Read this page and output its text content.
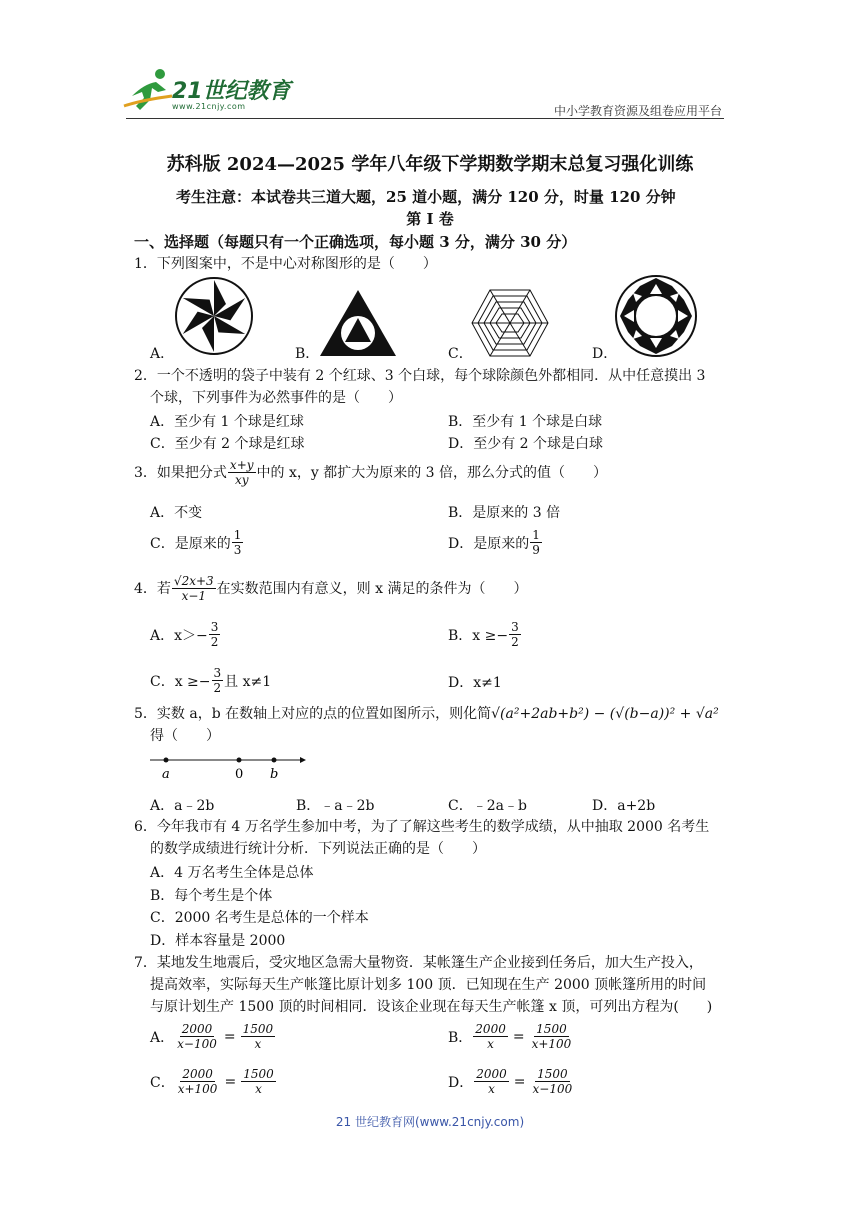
21世纪教育
www.21cnjy.com	中小学教育资源及组卷应用平台
苏科版 2024—2025 学年八年级下学期数学期末总复习强化训练
考生注意：本试卷共三道大题，25 道小题，满分 120 分，时量 120 分钟
第 I 卷
一、选择题（每题只有一个正确选项，每小题 3 分，满分 30 分）
1．下列图案中，不是中心对称图形的是（　　）
A．	B．	C．	D．
2．一个不透明的袋子中装有 2 个红球、3 个白球，每个球除颜色外都相同．从中任意摸出 3
个球，下列事件为必然事件的是（　　）
A．至少有 1 个球是红球	B．至少有 1 个球是白球
C．至少有 2 个球是红球	D．至少有 2 个球是白球
3．如果把分式 $\frac{x+y}{xy}$ 中的 x，y 都扩大为原来的 3 倍，那么分式的值（　　）
A．不变	B．是原来的 3 倍
C．是原来的 $\frac{1}{3}$	D．是原来的 $\frac{1}{9}$
4．若 $\frac{√2x+3}{x-1}$ 在实数范围内有意义，则 x 满足的条件为（　　）
A．$x>- \frac{3}{2}$	B．$x \ge- \frac{3}{2}$
C．$x \ge- \frac{3}{2}$ 且 x≠1	D．x≠1
5．实数 a，b 在数轴上对应的点的位置如图所示，则化简√(a²+2ab+b²) − (√(b−a))² + √a²
得（　　）
a	0 b
A．a﹣2b	B．﹣a﹣2b	C．﹣2a﹣b	D．a+2b
6．今年我市有 4 万名学生参加中考，为了了解这些考生的数学成绩，从中抽取 2000 名考生
的数学成绩进行统计分析．下列说法正确的是（　　）
A．4 万名考生全体是总体
B．每个考生是个体
C．2000 名考生是总体的一个样本
D．样本容量是 2000
7．某地发生地震后，受灾地区急需大量物资．某帐篷生产企业接到任务后，加大生产投入，
提高效率，实际每天生产帐篷比原计划多 100 顶．已知现在生产 2000 顶帐篷所用的时间
与原计划生产 1500 顶的时间相同．设该企业现在每天生产帐篷 x 顶，可列出方程为(　　)
A． $\frac{2000}{x-100} = \frac{1500}{x}$	B． $\frac{2000}{x} = \frac{1500}{x+100}$
C． $\frac{2000}{x+100} = \frac{1500}{x}$	D． $\frac{2000}{x} = \frac{1500}{x-100}$
21 世纪教育网(www.21cnjy.com)
